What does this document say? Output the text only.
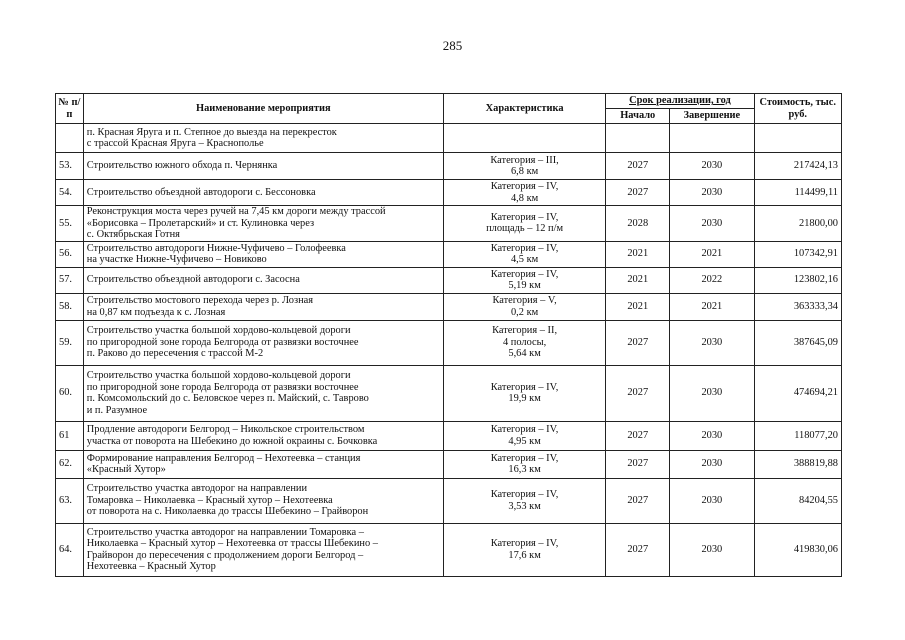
285
№ п/п	Наименование мероприятия	Характеристика	Срок реализации, год		Стоимость, тыс. руб.
			Начало	Завершение	

	п. Красная Яруга и п. Степное до выезда на перекресток
с трассой Красная Яруга – Краснополье				

53.	Строительство южного обхода п. Чернянка	Категория – III,
6,8 км	2027	2030	217424,13
54.	Строительство объездной автодороги с. Бессоновка	Категория – IV,
4,8 км	2027	2030	114499,11
55.	Реконструкция моста через ручей на 7,45 км дороги между трассой
«Борисовка – Пролетарский» и ст. Кулиновка через
с. Октябрьская Готня	Категория – IV,
площадь – 12 п/м	2028	2030	21800,00
56.	Строительство автодороги Нижне-Чуфичево – Голофеевка
на участке Нижне-Чуфичево – Новиково	Категория – IV,
4,5 км	2021	2021	107342,91
57.	Строительство объездной автодороги с. Засосна	Категория – IV,
5,19 км	2021	2022	123802,16
58.	Строительство мостового перехода через р. Лозная
на 0,87 км подъезда к с. Лозная	Категория – V,
0,2 км	2021	2021	363333,34
59.	Строительство участка большой хордово-кольцевой дороги
по пригородной зоне города Белгорода от развязки восточнее
п. Раково до пересечения с трассой М-2	Категория – II,
4 полосы,
5,64 км	2027	2030	387645,09
60.	Строительство участка большой хордово-кольцевой дороги
по пригородной зоне города Белгорода от развязки восточнее
п. Комсомольский до с. Беловское через п. Майский, с. Таврово
и п. Разумное	Категория – IV,
19,9 км	2027	2030	474694,21
61	Продление автодороги Белгород – Никольское строительством
участка от поворота на Шебекино до южной окраины с. Бочковка	Категория – IV,
4,95 км	2027	2030	118077,20
62.	Формирование направления Белгород – Нехотеевка – станция
«Красный Хутор»	Категория – IV,
16,3 км	2027	2030	388819,88
63.	Строительство участка автодорог на направлении
Томаровка – Николаевка – Красный хутор – Нехотеевка
от поворота на с. Николаевка до трассы Шебекино – Грайворон	Категория – IV,
3,53 км	2027	2030	84204,55
64.	Строительство участка автодорог на направлении Томаровка –
Николаевка – Красный хутор – Нехотеевка от трассы Шебекино –
Грайворон до пересечения с продолжением дороги Белгород –
Нехотеевка – Красный Хутор	Категория – IV,
17,6 км	2027	2030	419830,06
